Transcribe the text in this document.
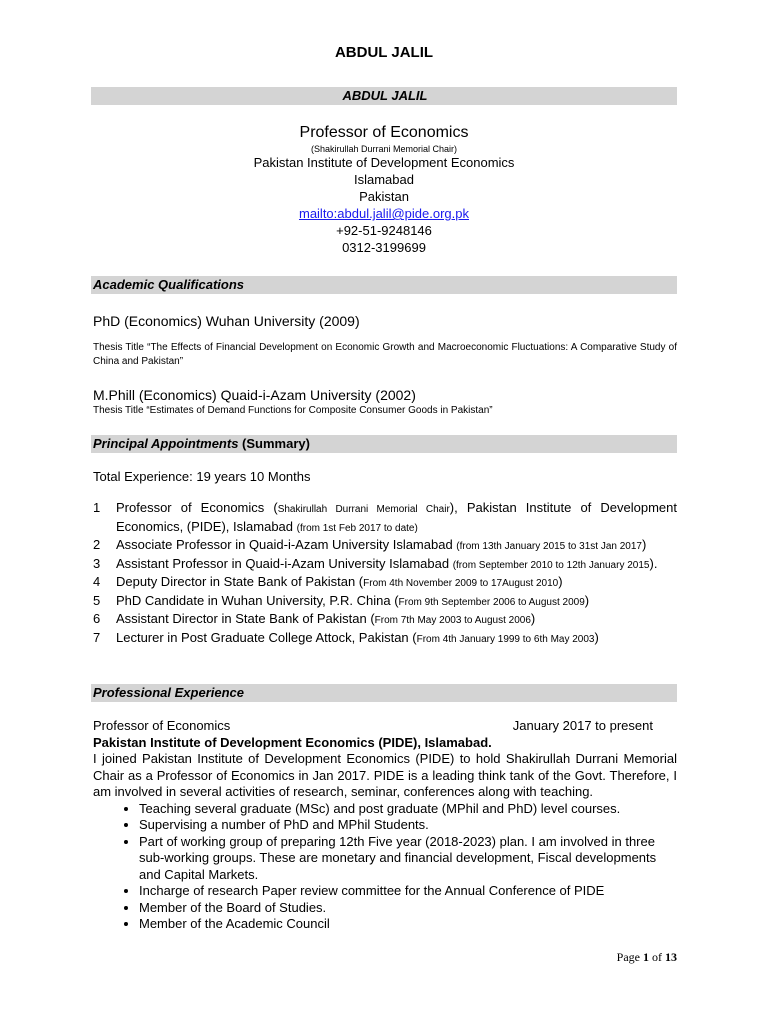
ABDUL JALIL
ABDUL JALIL
Professor of Economics
(Shakirullah Durrani Memorial Chair)
Pakistan Institute of Development Economics
Islamabad
Pakistan
mailto:abdul.jalil@pide.org.pk
+92-51-9248146
0312-3199699
Academic Qualifications
PhD (Economics) Wuhan University (2009)
Thesis Title “The Effects of Financial Development on Economic Growth and Macroeconomic Fluctuations: A Comparative Study of China and Pakistan”
M.Phill (Economics) Quaid-i-Azam University (2002)
Thesis Title “Estimates of Demand Functions for Composite Consumer Goods in Pakistan”
Principal Appointments (Summary)
Total Experience: 19 years 10 Months
1	Professor of Economics (Shakirullah Durrani Memorial Chair), Pakistan Institute of Development Economics, (PIDE), Islamabad (from 1st Feb 2017 to date)
2	Associate Professor in Quaid-i-Azam University Islamabad (from 13th January 2015 to 31st Jan 2017)
3	Assistant Professor in Quaid-i-Azam University Islamabad (from September 2010 to 12th January 2015).
4	Deputy Director in State Bank of Pakistan (From 4th November 2009 to 17August 2010)
5	PhD Candidate in Wuhan University, P.R. China (From 9th September 2006 to August 2009)
6	Assistant Director in State Bank of Pakistan (From 7th May 2003 to August 2006)
7	Lecturer in Post Graduate College Attock, Pakistan (From 4th January 1999 to 6th May 2003)
Professional Experience
Professor of Economics	January 2017 to present
Pakistan Institute of Development Economics (PIDE), Islamabad.
I joined Pakistan Institute of Development Economics (PIDE) to hold Shakirullah Durrani Memorial Chair as a Professor of Economics in Jan 2017. PIDE is a leading think tank of the Govt. Therefore, I am involved in several activities of research, seminar, conferences along with teaching.
• Teaching several graduate (MSc) and post graduate (MPhil and PhD) level courses.
• Supervising a number of PhD and MPhil Students.
• Part of working group of preparing 12th Five year (2018-2023) plan. I am involved in three sub-working groups. These are monetary and financial development, Fiscal developments and Capital Markets.
• Incharge of research Paper review committee for the Annual Conference of PIDE
• Member of the Board of Studies.
• Member of the Academic Council
Page 1 of 13
